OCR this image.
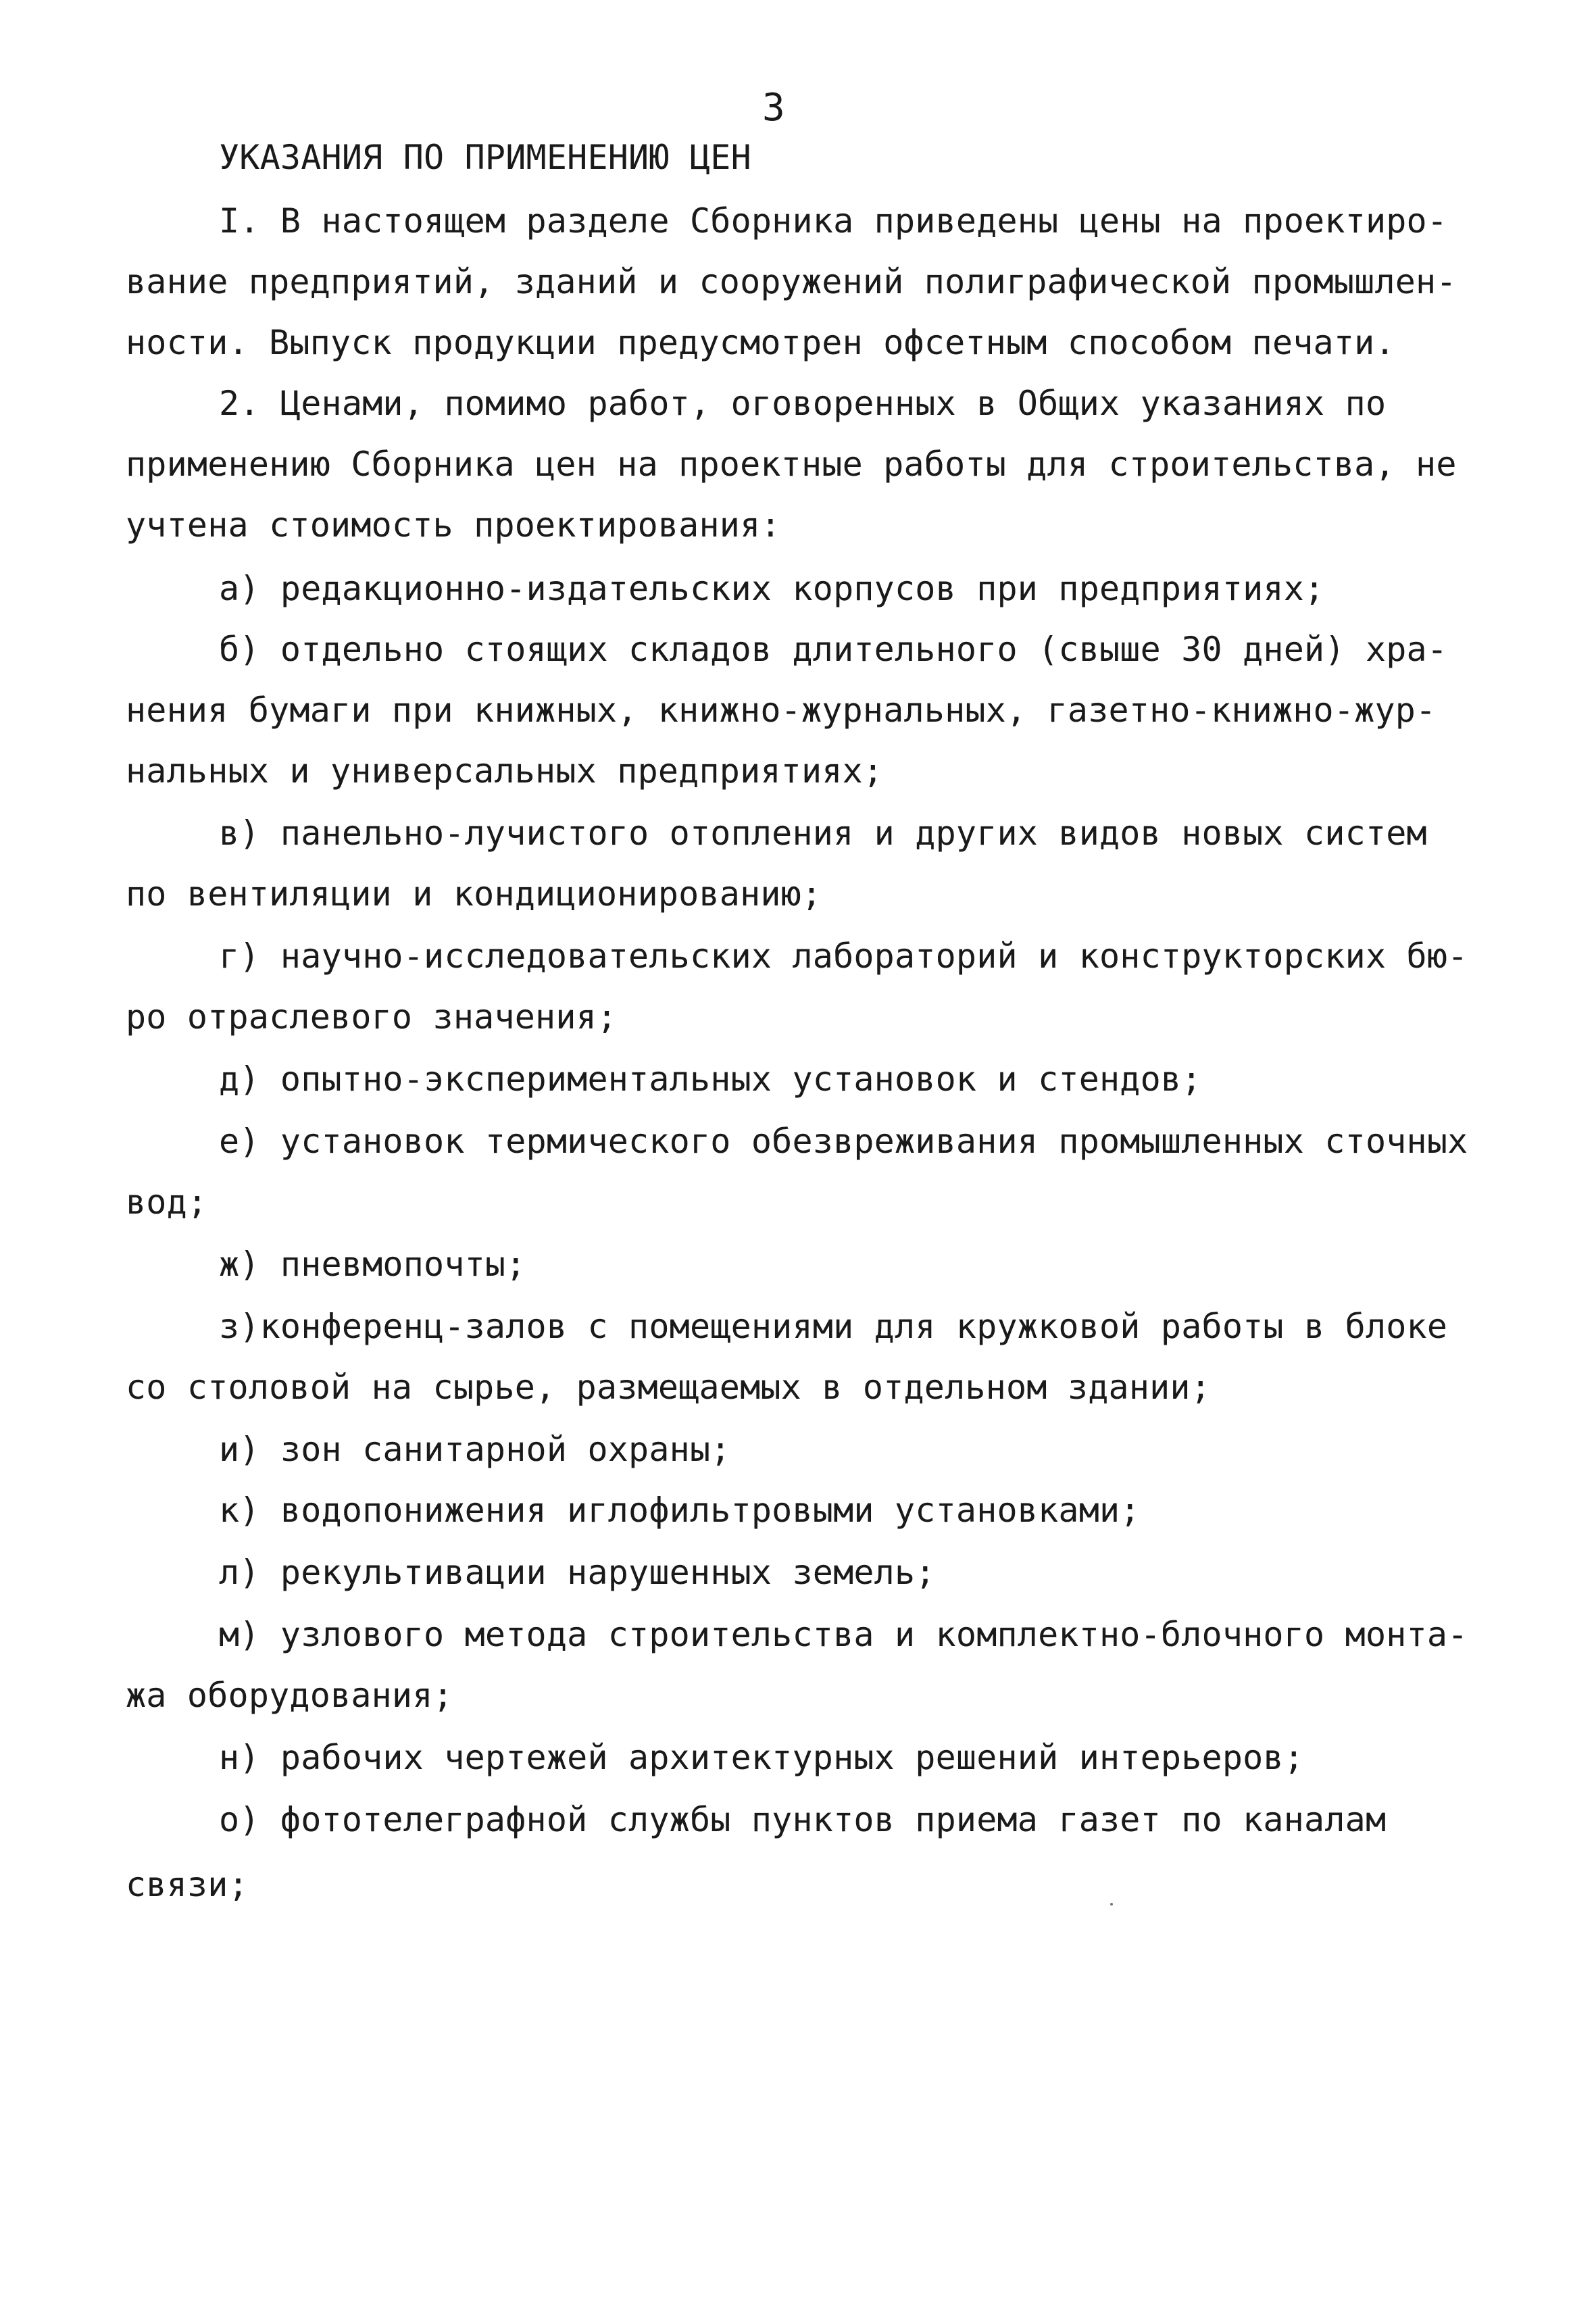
3
УКАЗАНИЯ ПО ПРИМЕНЕНИЮ ЦЕН
I. В настоящем разделе Сборника приведены цены на проектиро-
вание предприятий, зданий и сооружений полиграфической промышлен-
ности. Выпуск продукции предусмотрен офсетным способом печати.
2. Ценами, помимо работ, оговоренных в Общих указаниях по
применению Сборника цен на проектные работы для строительства, не
учтена стоимость проектирования:
а) редакционно-издательских корпусов при предприятиях;
б) отдельно стоящих складов длительного (свыше 30 дней) хра-
нения бумаги при книжных, книжно-журнальных, газетно-книжно-жур-
нальных и универсальных предприятиях;
в) панельно-лучистого отопления и других видов новых систем
по вентиляции и кондиционированию;
г) научно-исследовательских лабораторий и конструкторских бю-
ро отраслевого значения;
д) опытно-экспериментальных установок и стендов;
е) установок термического обезвреживания промышленных сточных
вод;
ж) пневмопочты;
з)конференц-залов с помещениями для кружковой работы в блоке
со столовой на сырье, размещаемых в отдельном здании;
и) зон санитарной охраны;
к) водопонижения иглофильтровыми установками;
л) рекультивации нарушенных земель;
м) узлового метода строительства и комплектно-блочного монта-
жа оборудования;
н) рабочих чертежей архитектурных решений интерьеров;
о) фототелеграфной службы пунктов приема газет по каналам
связи;
